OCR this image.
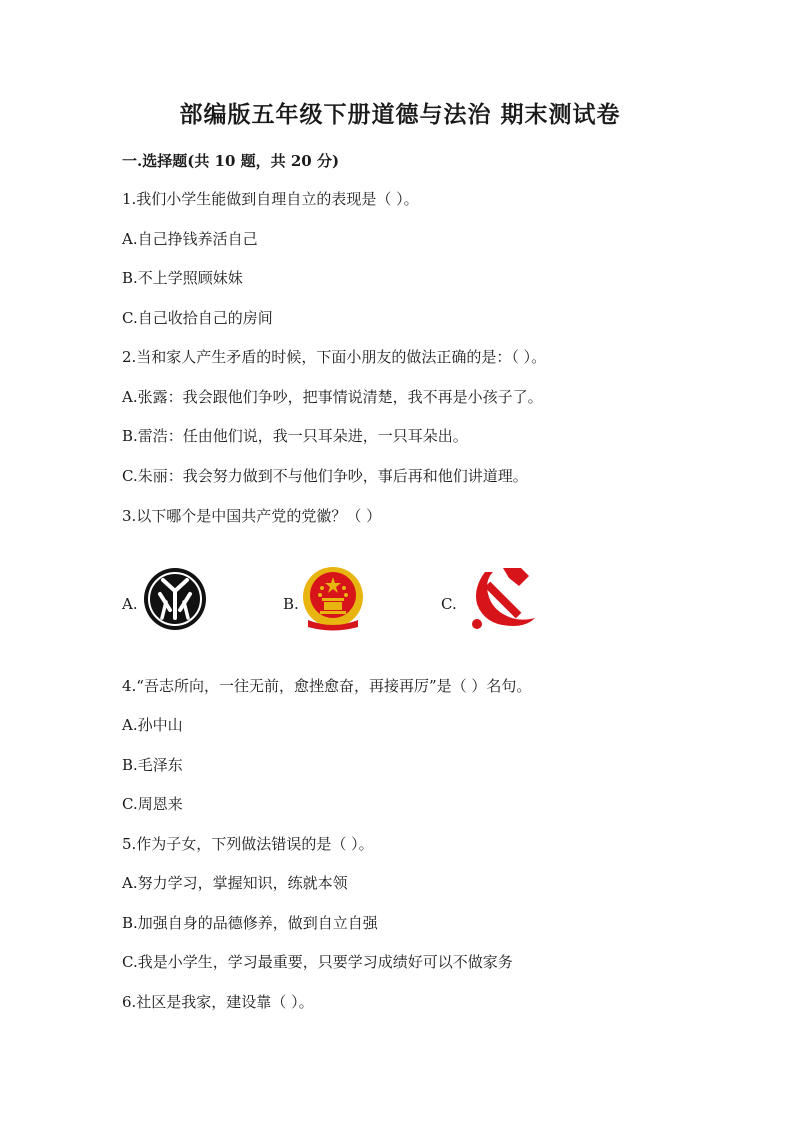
部编版五年级下册道德与法治 期末测试卷
一.选择题(共 10 题，共 20 分)
1.我们小学生能做到自理自立的表现是（ ）。
A.自己挣钱养活自己
B.不上学照顾妹妹
C.自己收拾自己的房间
2.当和家人产生矛盾的时候，下面小朋友的做法正确的是：（ ）。
A.张露：我会跟他们争吵，把事情说清楚，我不再是小孩子了。
B.雷浩：任由他们说，我一只耳朵进，一只耳朵出。
C.朱丽：我会努力做到不与他们争吵，事后再和他们讲道理。
3.以下哪个是中国共产党的党徽？（ ）
A.	B.	C.
4.“吾志所向，一往无前，愈挫愈奋，再接再厉”是（ ）名句。
A.孙中山
B.毛泽东
C.周恩来
5.作为子女，下列做法错误的是（ ）。
A.努力学习，掌握知识，练就本领
B.加强自身的品德修养，做到自立自强
C.我是小学生，学习最重要，只要学习成绩好可以不做家务
6.社区是我家，建设靠（ ）。
